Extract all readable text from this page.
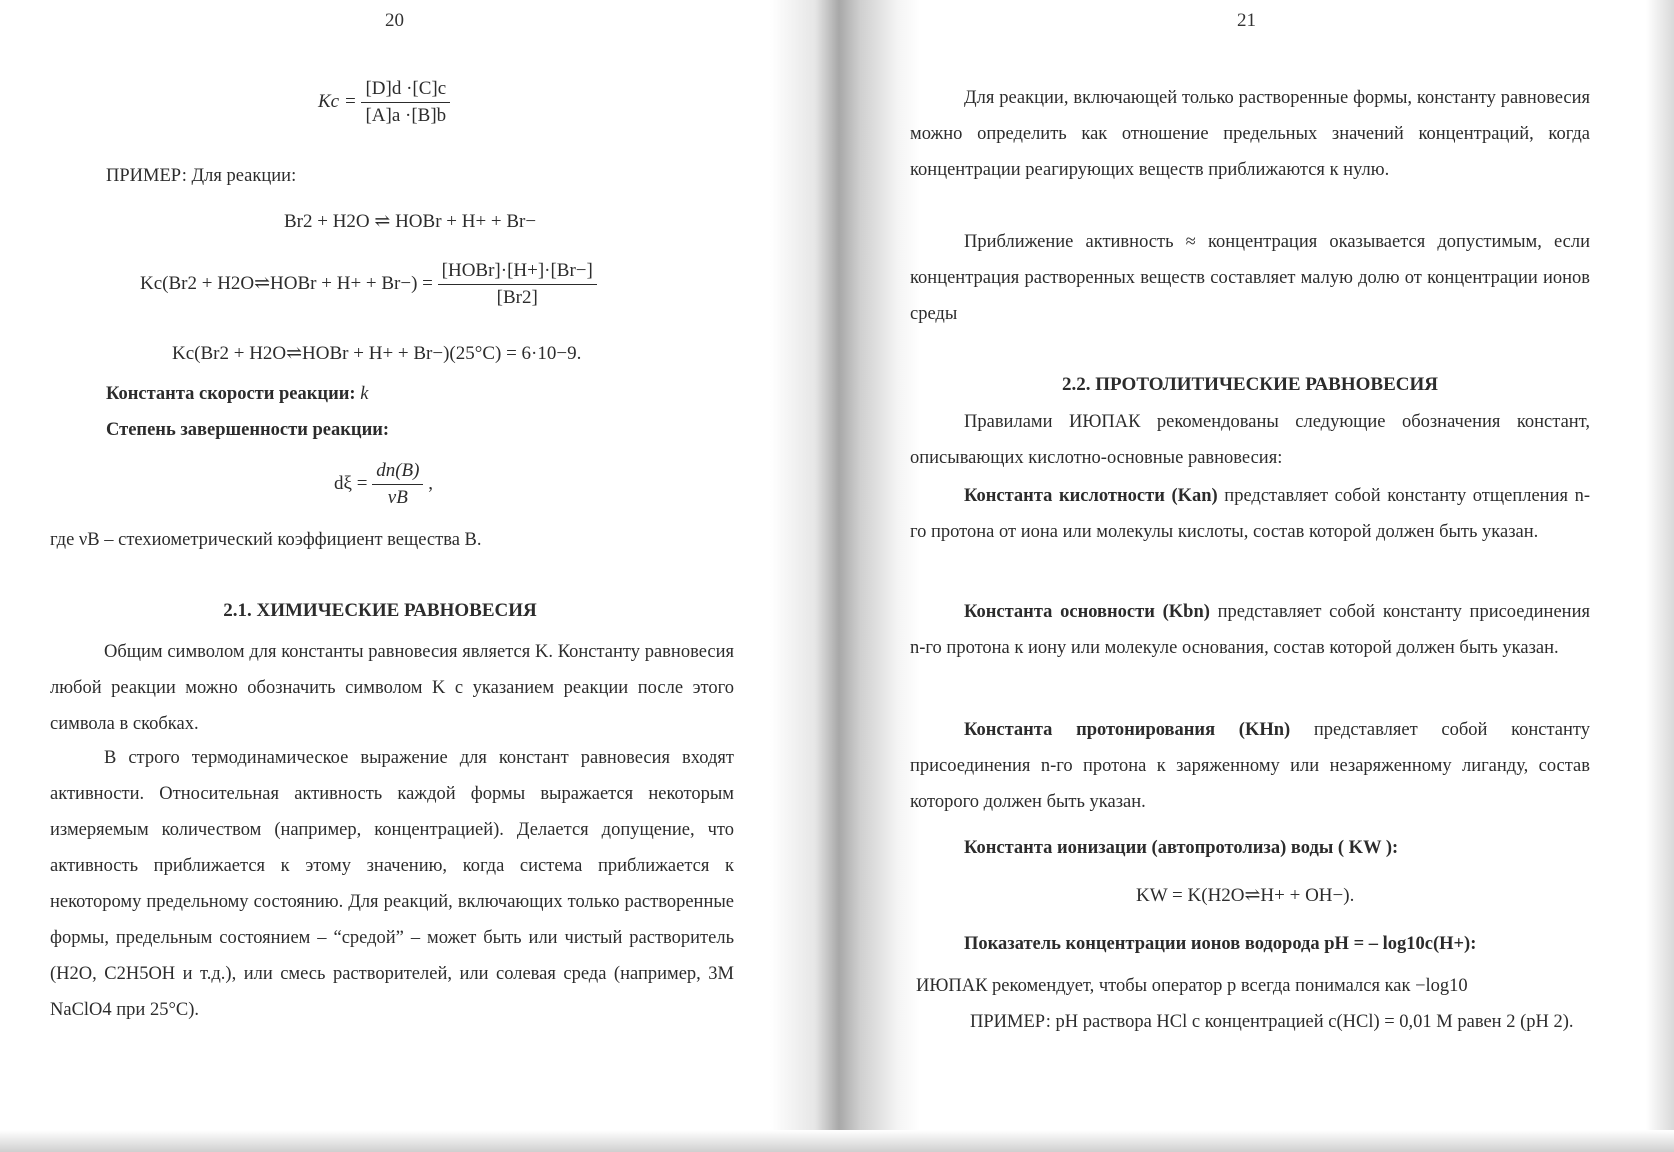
20
$Kc = \frac{[D]d \cdot[C]c}{[A]a \cdot[B]b}$
ПРИМЕР: Для реакции:
Br2 + H2O ⇌ HOBr + H+ + Br−
Kc(Br2 + H2O⇌HOBr + $H+ + Br-) = \frac{\text{[HOBr]·[H+]·[Br−]}}{[Br2]}$
Kc(Br2 + H2O⇌HOBr + H+ + Br−)(25°C) = 6·10−9.
Константа скорости реакции: k
Степень завершенности реакции:
$d\xi = \frac{dn(B)}{\nu B}$ ,
где νB – стехиометрический коэффициент вещества B.
2.1. ХИМИЧЕСКИЕ РАВНОВЕСИЯ
Общим символом для константы равновесия является K. Константу равновесия любой реакции можно обозначить символом K с указанием реакции после этого символа в скобках.
В строго термодинамическое выражение для констант равновесия входят активности. Относительная активность каждой формы выражается некоторым измеряемым количеством (например, концентрацией). Делается допущение, что активность приближается к этому значению, когда система приближается к некоторому предельному состоянию. Для реакций, включающих только растворенные формы, предельным состоянием – “средой” – может быть или чистый растворитель (H2O, C2H5OH и т.д.), или смесь растворителей, или солевая среда (например, 3M NaClO4 при 25°C).
21
Для реакции, включающей только растворенные формы, константу равновесия можно определить как отношение предельных значений концентраций, когда концентрации реагирующих веществ приближаются к нулю.
Приближение активность ≈ концентрация оказывается допустимым, если концентрация растворенных веществ составляет малую долю от концентрации ионов среды
2.2. ПРОТОЛИТИЧЕСКИЕ РАВНОВЕСИЯ
Правилами ИЮПАК рекомендованы следующие обозначения констант, описывающих кислотно-основные равновесия:
Константа кислотности (Kan) представляет собой константу отщепления n-го протона от иона или молекулы кислоты, состав которой должен быть указан.
Константа основности (Kbn) представляет собой константу присоединения n-го протона к иону или молекуле основания, состав которой должен быть указан.
Константа протонирования (KHn) представляет собой константу присоединения n-го протона к заряженному или незаряженному лиганду, состав которого должен быть указан.
Константа ионизации (автопротолиза) воды ( KW ):
KW = K(H2O⇌H+ + OH−).
Показатель концентрации ионов водорода pH = – log10c(H+):
ИЮПАК рекомендует, чтобы оператор p всегда понимался как −log10
ПРИМЕР: pH раствора HCl с концентрацией c(HCl) = 0,01 M равен 2 (pH 2).
